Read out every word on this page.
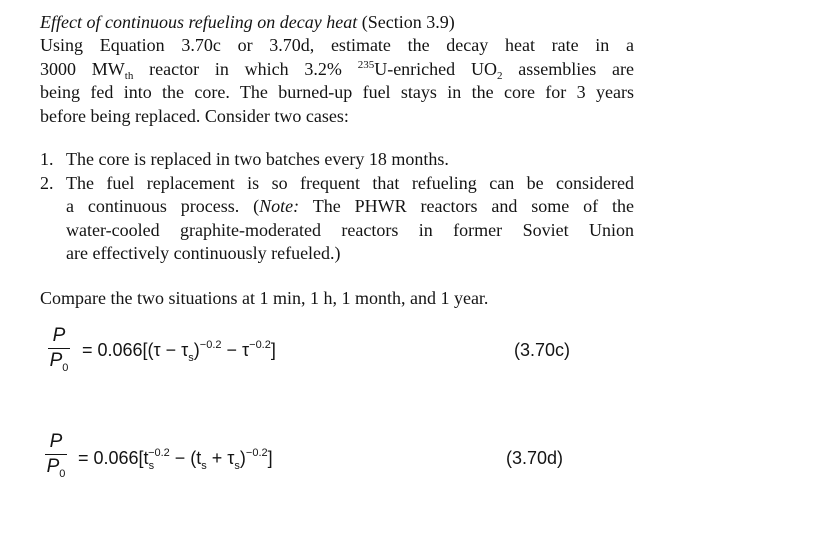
Effect of continuous refueling on decay heat (Section 3.9)
Using Equation 3.70c or 3.70d, estimate the decay heat rate in a
3000 $MW_{th}$ reactor in which 3.2% $^{235}$U-enriched $UO_2$ assemblies are
being fed into the core. The burned-up fuel stays in the core for 3 years
before being replaced. Consider two cases:
1. The core is replaced in two batches every 18 months.
2. The fuel replacement is so frequent that refueling can be considered
a continuous process. (Note: The PHWR reactors and some of the
water-cooled graphite-moderated reactors in former Soviet Union
are effectively continuously refueled.)
Compare the two situations at 1 min, 1 h, 1 month, and 1 year.
P
$P_0$
= $0.066[(\tau - \tau_s)^{-0.2} - \tau^{-0.2}]$	(3.70c)
P
$P_0$
= $0.066[t_s^{-0.2} - (t_s + \tau_s)^{-0.2}]$	(3.70d)
